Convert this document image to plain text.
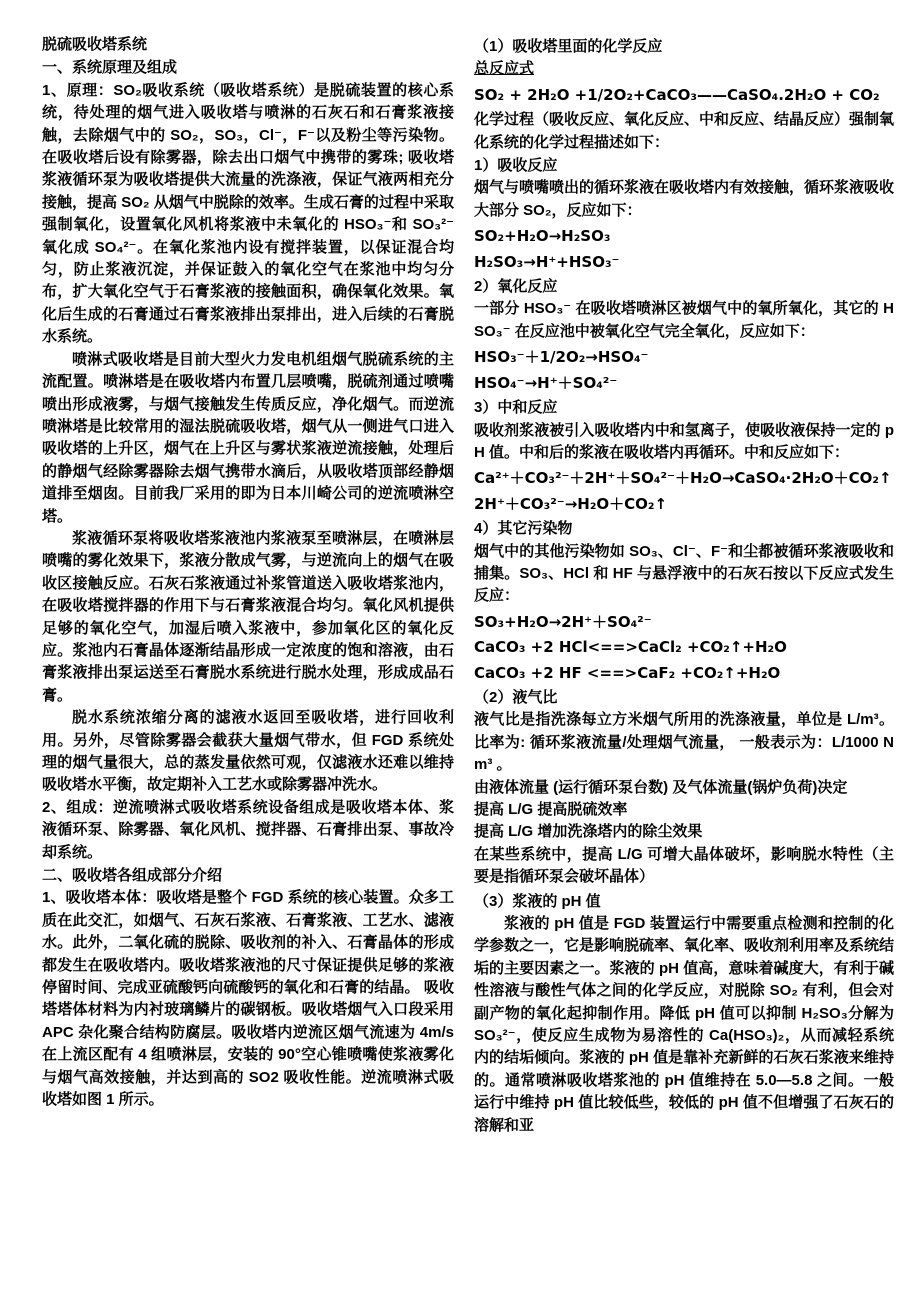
脱硫吸收塔系统

一、系统原理及组成

1、原理：SO₂吸收系统（吸收塔系统）是脱硫装置的核心系统，待处理的烟气进入吸收塔与喷淋的石灰石和石膏浆液接触，去除烟气中的 SO₂，SO₃，Cl⁻，F⁻以及粉尘等污染物。在吸收塔后设有除雾器，除去出口烟气中携带的雾珠; 吸收塔浆液循环泵为吸收塔提供大流量的洗涤液，保证气液两相充分接触，提高 SO₂ 从烟气中脱除的效率。生成石膏的过程中采取强制氧化，设置氧化风机将浆液中未氧化的 HSO₃⁻和 SO₃²⁻氧化成 SO₄²⁻。在氧化浆池内设有搅拌装置，以保证混合均匀，防止浆液沉淀，并保证鼓入的氧化空气在浆池中均匀分布，扩大氧化空气于石膏浆液的接触面积，确保氧化效果。氧化后生成的石膏通过石膏浆液排出泵排出，进入后续的石膏脱水系统。

喷淋式吸收塔是目前大型火力发电机组烟气脱硫系统的主流配置。喷淋塔是在吸收塔内布置几层喷嘴，脱硫剂通过喷嘴喷出形成液雾，与烟气接触发生传质反应，净化烟气。而逆流喷淋塔是比较常用的湿法脱硫吸收塔，烟气从一侧进气口进入吸收塔的上升区，烟气在上升区与雾状浆液逆流接触，处理后的静烟气经除雾器除去烟气携带水滴后，从吸收塔顶部经静烟道排至烟囱。目前我厂采用的即为日本川崎公司的逆流喷淋空塔。

浆液循环泵将吸收塔浆液池内浆液泵至喷淋层，在喷淋层喷嘴的雾化效果下，浆液分散成气雾，与逆流向上的烟气在吸收区接触反应。石灰石浆液通过补浆管道送入吸收塔浆池内，在吸收塔搅拌器的作用下与石膏浆液混合均匀。氧化风机提供足够的氧化空气，加湿后喷入浆液中，参加氧化区的氧化反应。浆池内石膏晶体逐渐结晶形成一定浓度的饱和溶液，由石膏浆液排出泵运送至石膏脱水系统进行脱水处理，形成成品石膏。

脱水系统浓缩分离的滤液水返回至吸收塔，进行回收利用。另外，尽管除雾器会截获大量烟气带水，但 FGD 系统处理的烟气量很大，总的蒸发量依然可观，仅滤液水还难以维持吸收塔水平衡，故定期补入工艺水或除雾器冲洗水。

2、组成：逆流喷淋式吸收塔系统设备组成是吸收塔本体、浆液循环泵、除雾器、氧化风机、搅拌器、石膏排出泵、事故冷却系统。

二、吸收塔各组成部分介绍

1、吸收塔本体：吸收塔是整个 FGD 系统的核心装置。众多工质在此交汇，如烟气、石灰石浆液、石膏浆液、工艺水、滤液水。此外，二氧化硫的脱除、吸收剂的补入、石膏晶体的形成都发生在吸收塔内。吸收塔浆液池的尺寸保证提供足够的浆液停留时间、完成亚硫酸钙向硫酸钙的氧化和石膏的结晶。 吸收塔塔体材料为内衬玻璃鳞片的碳钢板。吸收塔烟气入口段采用 APC 杂化聚合结构防腐层。吸收塔内逆流区烟气流速为 4m/s 在上流区配有 4 组喷淋层，安装的 90°空心锥喷嘴使浆液雾化与烟气高效接触，并达到高的 SO2 吸收性能。逆流喷淋式吸收塔如图 1 所示。

（1）吸收塔里面的化学反应

总反应式

SO₂ + 2H₂O +1/2O₂+CaCO₃——CaSO₄.2H₂O + CO₂

化学过程（吸收反应、氧化反应、中和反应、结晶反应）强制氧化系统的化学过程描述如下：

1）吸收反应

烟气与喷嘴喷出的循环浆液在吸收塔内有效接触，循环浆液吸收大部分 SO₂，反应如下：

SO₂+H₂O→H₂SO₃

H₂SO₃→H⁺+HSO₃⁻

2）氧化反应

一部分 HSO₃⁻ 在吸收塔喷淋区被烟气中的氧所氧化，其它的 HSO₃⁻ 在反应池中被氧化空气完全氧化，反应如下：

HSO₃⁻＋1/2O₂→HSO₄⁻

HSO₄⁻→H⁺＋SO₄²⁻

3）中和反应

吸收剂浆液被引入吸收塔内中和氢离子，使吸收液保持一定的 pH 值。中和后的浆液在吸收塔内再循环。中和反应如下：

Ca²⁺＋CO₃²⁻＋2H⁺＋SO₄²⁻＋H₂O→CaSO₄·2H₂O＋CO₂↑

2H⁺＋CO₃²⁻→H₂O＋CO₂↑

4）其它污染物

烟气中的其他污染物如 SO₃、Cl⁻、F⁻和尘都被循环浆液吸收和捕集。SO₃、HCl 和 HF 与悬浮液中的石灰石按以下反应式发生反应：

SO₃+H₂O→2H⁺＋SO₄²⁻

CaCO₃ +2 HCl<==>CaCl₂ +CO₂↑+H₂O

CaCO₃ +2 HF <==>CaF₂ +CO₂↑+H₂O

（2）液气比

液气比是指洗涤每立方米烟气所用的洗涤液量，单位是 L/m³。比率为: 循环浆液流量/处理烟气流量， 一般表示为：L/1000 Nm³ 。

由液体流量 (运行循环泵台数) 及气体流量(锅炉负荷)决定

提高 L/G 提高脱硫效率

提高 L/G 增加洗涤塔内的除尘效果

在某些系统中，提高 L/G 可增大晶体破坏，影响脱水特性（主要是指循环泵会破坏晶体）

（3）浆液的 pH 值

浆液的 pH 值是 FGD 装置运行中需要重点检测和控制的化学参数之一，它是影响脱硫率、氧化率、吸收剂利用率及系统结垢的主要因素之一。浆液的 pH 值高，意味着碱度大，有利于碱性溶液与酸性气体之间的化学反应，对脱除 SO₂ 有利，但会对副产物的氧化起抑制作用。降低 pH 值可以抑制 H₂SO₃分解为 SO₃²⁻，使反应生成物为易溶性的 Ca(HSO₃)₂，从而减轻系统内的结垢倾向。浆液的 pH 值是靠补充新鲜的石灰石浆液来维持的。通常喷淋吸收塔浆池的 pH 值维持在 5.0—5.8 之间。一般运行中维持 pH 值比较低些，较低的 pH 值不但增强了石灰石的溶解和亚
